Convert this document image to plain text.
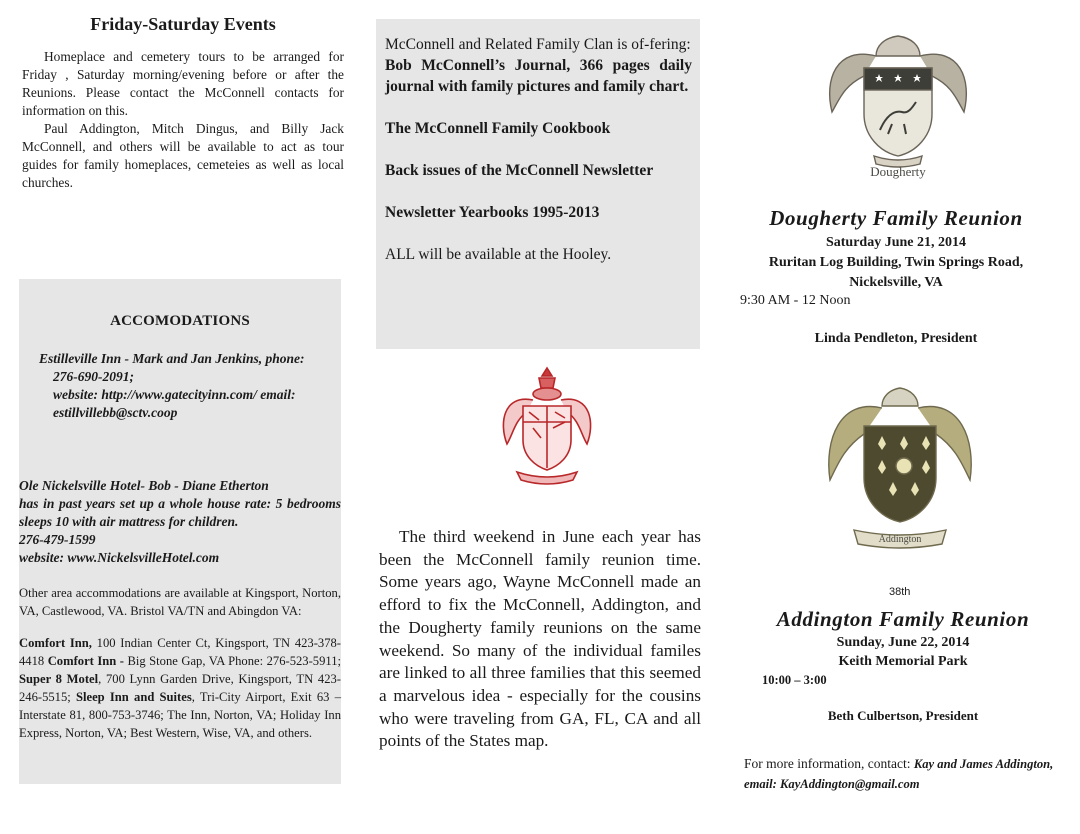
Friday-Saturday Events

Homeplace and cemetery tours to be arranged for Friday , Saturday morning/evening before or after the Reunions. Please contact the McConnell contacts for information on this.

Paul Addington, Mitch Dingus, and Billy Jack McConnell, and others will be available to act as tour guides for family homeplaces, cemeteies as well as local churches.

ACCOMODATIONS
Estilleville Inn - Mark and Jan Jenkins, phone:
276-690-2091;
website: http://www.gatecityinn.com/ email:
estillvillebb@sctv.coop
Ole Nickelsville Hotel- Bob - Diane Etherton
has in past years set up a whole house rate: 5 bedrooms sleeps 10 with air mattress for children.
276-479-1599
website: www.NickelsvilleHotel.com

Other area accommodations are available at Kingsport, Norton, VA, Castlewood, VA. Bristol VA/TN and Abingdon VA:

Comfort Inn, 100 Indian Center Ct, Kingsport, TN 423-378-4418 Comfort Inn - Big Stone Gap, VA Phone: 276-523-5911; Super 8 Motel, 700 Lynn Garden Drive, Kingsport, TN 423-246-5515; Sleep Inn and Suites, Tri-City Airport, Exit 63 – Interstate 81, 800-753-3746; The Inn, Norton, VA; Holiday Inn Express, Norton, VA; Best Western, Wise, VA, and others.

McConnell and Related Family Clan is of-fering:

Bob McConnell’s Journal, 366 pages daily journal with family pictures and family chart.

The McConnell Family Cookbook

Back issues of the McConnell Newsletter

Newsletter Yearbooks 1995-2013

ALL will be available at the Hooley.

The third weekend in June each year has been the McConnell family reunion time. Some years ago, Wayne McConnell made an efford to fix the McConnell, Addington, and the Dougherty family reunions on the same weekend. So many of the individual familes are linked to all three families that this seemed a marvelous idea - especially for the cousins who were traveling from GA, FL, CA and all points of the States map.

Dougherty
Dougherty Family Reunion
Saturday June 21, 2014
Ruritan Log Building, Twin Springs Road,
Nickelsville, VA
9:30 AM - 12 Noon
Linda Pendleton, President
Addington
38th
Addington Family Reunion
Sunday, June 22, 2014
Keith Memorial Park
10:00 – 3:00
Beth Culbertson, President

For more information, contact: Kay and James Addington, email: KayAddington@gmail.com
